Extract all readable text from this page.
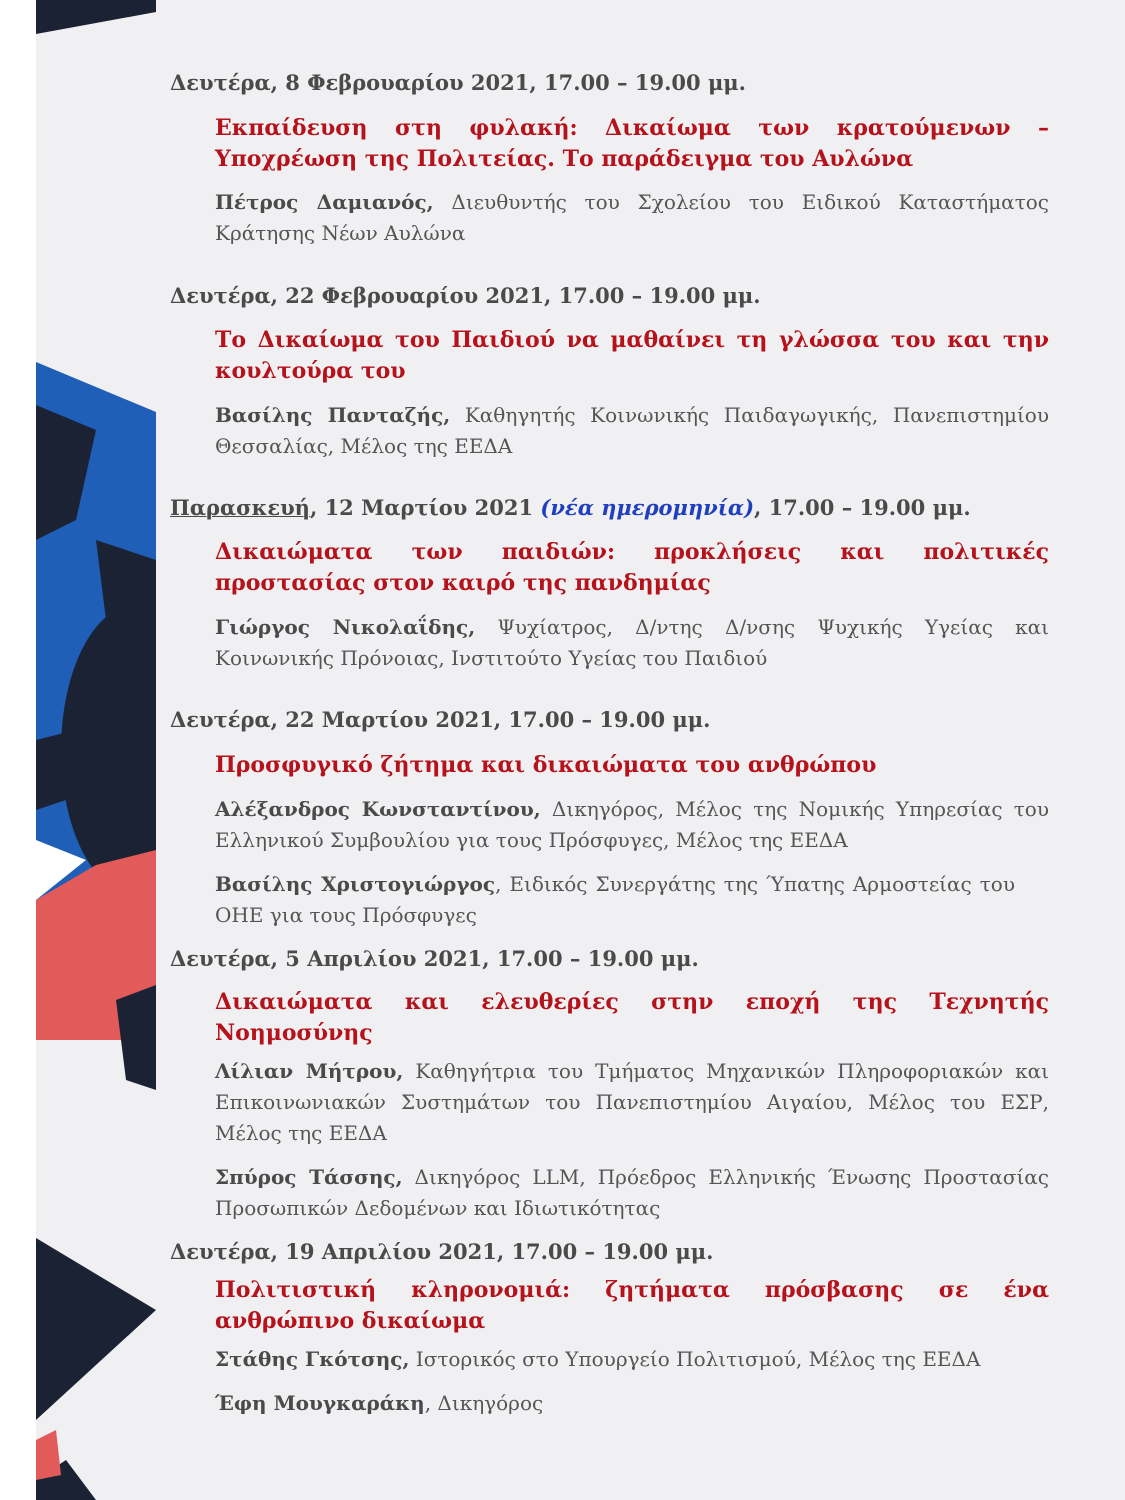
Δευτέρα, 8 Φεβρουαρίου 2021, 17.00 – 19.00 μμ.
Εκπαίδευση στη φυλακή: Δικαίωμα των κρατούμενων – Υποχρέωση της Πολιτείας. Το παράδειγμα του Αυλώνα
Πέτρος Δαμιανός, Διευθυντής του Σχολείου του Ειδικού Καταστήματος Κράτησης Νέων Αυλώνα
Δευτέρα, 22 Φεβρουαρίου 2021, 17.00 – 19.00 μμ.
Το Δικαίωμα του Παιδιού να μαθαίνει τη γλώσσα του και την κουλτούρα του
Βασίλης Πανταζής, Καθηγητής Κοινωνικής Παιδαγωγικής, Πανεπιστημίου Θεσσαλίας, Μέλος της ΕΕΔΑ
Παρασκευή, 12 Μαρτίου 2021 (νέα ημερομηνία), 17.00 – 19.00 μμ.
Δικαιώματα των παιδιών: προκλήσεις και πολιτικές προστασίας στον καιρό της πανδημίας
Γιώργος Νικολαΐδης, Ψυχίατρος, Δ/ντης Δ/νσης Ψυχικής Υγείας και Κοινωνικής Πρόνοιας, Ινστιτούτο Υγείας του Παιδιού
Δευτέρα, 22 Μαρτίου 2021, 17.00 – 19.00 μμ.
Προσφυγικό ζήτημα και δικαιώματα του ανθρώπου
Αλέξανδρος Κωνσταντίνου, Δικηγόρος, Μέλος της Νομικής Υπηρεσίας του Ελληνικού Συμβουλίου για τους Πρόσφυγες, Μέλος της ΕΕΔΑ
Βασίλης Χριστογιώργος, Ειδικός Συνεργάτης της Ύπατης Αρμοστείας του ΟΗΕ για τους Πρόσφυγες
Δευτέρα, 5 Απριλίου 2021, 17.00 – 19.00 μμ.
Δικαιώματα και ελευθερίες στην εποχή της Τεχνητής Νοημοσύνης
Λίλιαν Μήτρου, Καθηγήτρια του Τμήματος Μηχανικών Πληροφοριακών και Επικοινωνιακών Συστημάτων του Πανεπιστημίου Αιγαίου, Μέλος του ΕΣΡ, Μέλος της ΕΕΔΑ
Σπύρος Τάσσης, Δικηγόρος LLM, Πρόεδρος Ελληνικής Ένωσης Προστασίας Προσωπικών Δεδομένων και Ιδιωτικότητας
Δευτέρα, 19 Απριλίου 2021, 17.00 – 19.00 μμ.
Πολιτιστική κληρονομιά: ζητήματα πρόσβασης σε ένα ανθρώπινο δικαίωμα
Στάθης Γκότσης, Ιστορικός στο Υπουργείο Πολιτισμού, Μέλος της ΕΕΔΑ
Έφη Μουγκαράκη, Δικηγόρος
